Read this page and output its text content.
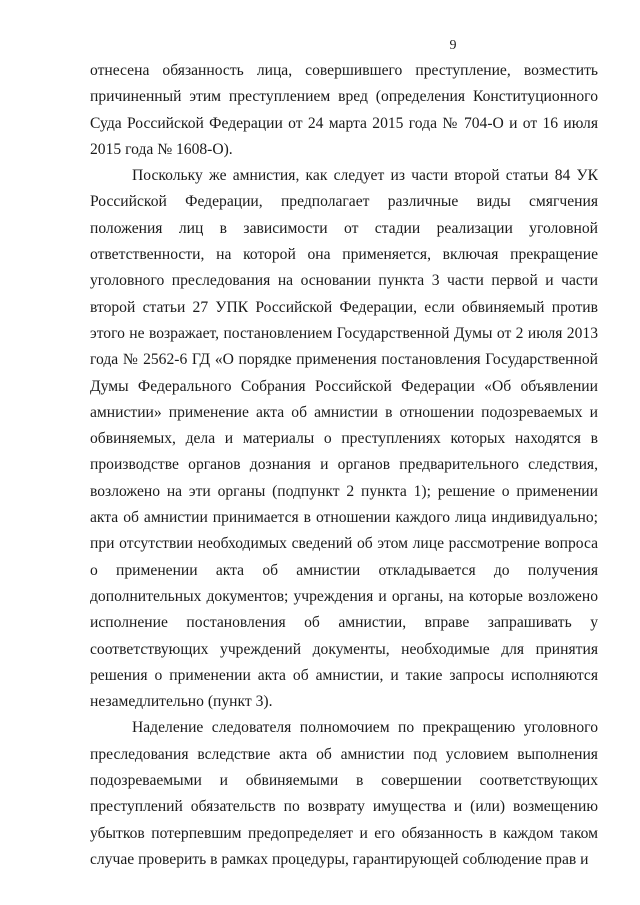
9

отнесена обязанность лица, совершившего преступление, возместить причиненный этим преступлением вред (определения Конституционного Суда Российской Федерации от 24 марта 2015 года № 704-О и от 16 июля 2015 года № 1608-О).

Поскольку же амнистия, как следует из части второй статьи 84 УК Российской Федерации, предполагает различные виды смягчения положения лиц в зависимости от стадии реализации уголовной ответственности, на которой она применяется, включая прекращение уголовного преследования на основании пункта 3 части первой и части второй статьи 27 УПК Российской Федерации, если обвиняемый против этого не возражает, постановлением Государственной Думы от 2 июля 2013 года № 2562-6 ГД «О порядке применения постановления Государственной Думы Федерального Собрания Российской Федерации «Об объявлении амнистии» применение акта об амнистии в отношении подозреваемых и обвиняемых, дела и материалы о преступлениях которых находятся в производстве органов дознания и органов предварительного следствия, возложено на эти органы (подпункт 2 пункта 1); решение о применении акта об амнистии принимается в отношении каждого лица индивидуально; при отсутствии необходимых сведений об этом лице рассмотрение вопроса о применении акта об амнистии откладывается до получения дополнительных документов; учреждения и органы, на которые возложено исполнение постановления об амнистии, вправе запрашивать у соответствующих учреждений документы, необходимые для принятия решения о применении акта об амнистии, и такие запросы исполняются незамедлительно (пункт 3).

Наделение следователя полномочием по прекращению уголовного преследования вследствие акта об амнистии под условием выполнения подозреваемыми и обвиняемыми в совершении соответствующих преступлений обязательств по возврату имущества и (или) возмещению убытков потерпевшим предопределяет и его обязанность в каждом таком случае проверить в рамках процедуры, гарантирующей соблюдение прав и
